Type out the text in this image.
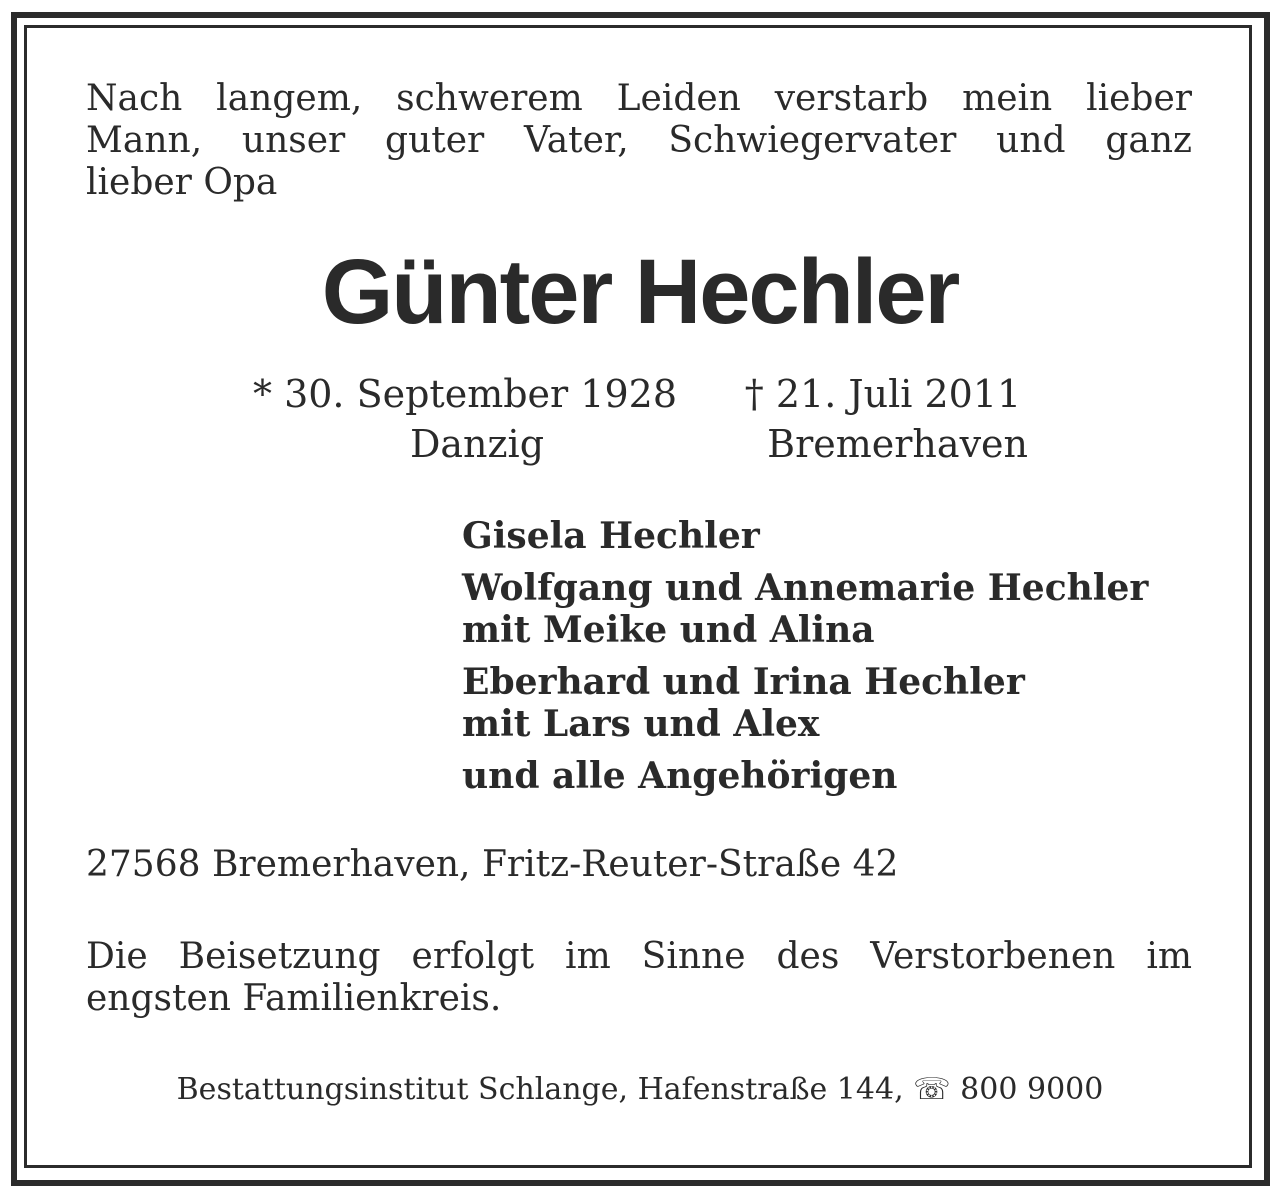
Nach langem, schwerem Leiden verstarb mein lieber
Mann, unser guter Vater, Schwiegervater und ganz
lieber Opa

Günter Hechler
* 30. September 1928
Danzig
† 21. Juli 2011
Bremerhaven
Gisela Hechler
Wolfgang und Annemarie Hechler
mit Meike und Alina
Eberhard und Irina Hechler
mit Lars und Alex
und alle Angehörigen

27568 Bremerhaven, Fritz-Reuter-Straße 42

Die Beisetzung erfolgt im Sinne des Verstorbenen im
engsten Familienkreis.

Bestattungsinstitut Schlange, Hafenstraße 144, ☏ 800 9000
